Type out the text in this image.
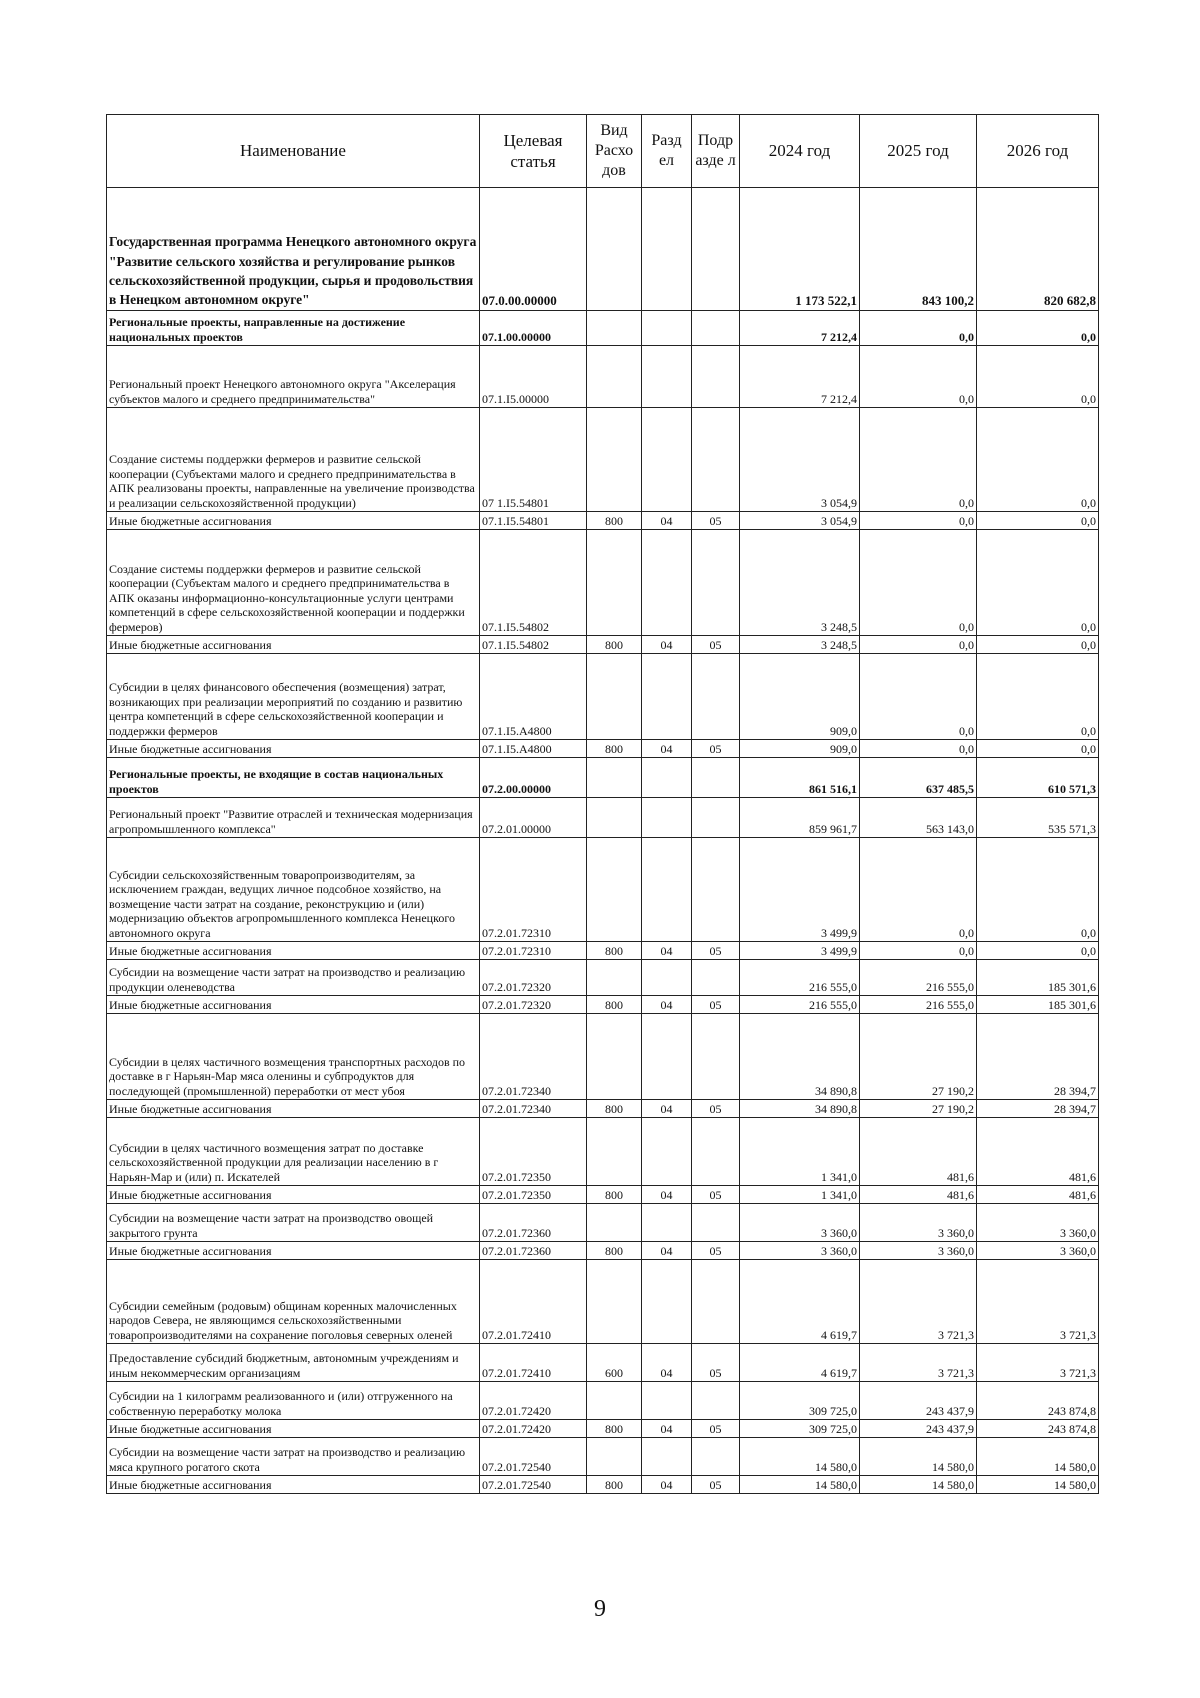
Наименование	Целевая статья	Вид Расхо дов	Разд ел	Подр азде л	2024 год	2025 год	2026 год
Государственная программа Ненецкого автономного округа "Развитие сельского хозяйства и регулирование рынков сельскохозяйственной продукции, сырья и продовольствия в Ненецком автономном округе"	07.0.00.00000				1 173 522,1	843 100,2	820 682,8
Региональные проекты, направленные на достижение национальных проектов	07.1.00.00000				7 212,4	0,0	0,0
Региональный проект Ненецкого автономного округа "Акселерация субъектов малого и среднего предпринимательства"	07.1.I5.00000				7 212,4	0,0	0,0
Создание системы поддержки фермеров и развитие сельской кооперации (Субъектами малого и среднего предпринимательства в АПК реализованы проекты, направленные на увеличение производства и реализации сельскохозяйственной продукции)	07 1.I5.54801				3 054,9	0,0	0,0
Иные бюджетные ассигнования	07.1.I5.54801	800	04	05	3 054,9	0,0	0,0
Создание системы поддержки фермеров и развитие сельской кооперации (Субъектам малого и среднего предпринимательства в АПК оказаны информационно-консультационные услуги центрами компетенций в сфере сельскохозяйственной кооперации и поддержки фермеров)	07.1.I5.54802				3 248,5	0,0	0,0
Иные бюджетные ассигнования	07.1.I5.54802	800	04	05	3 248,5	0,0	0,0
Субсидии в целях финансового обеспечения (возмещения) затрат, возникающих при реализации мероприятий по созданию и развитию центра компетенций в сфере сельскохозяйственной кооперации и поддержки фермеров	07.1.I5.A4800				909,0	0,0	0,0
Иные бюджетные ассигнования	07.1.I5.A4800	800	04	05	909,0	0,0	0,0
Региональные проекты, не входящие в состав национальных проектов	07.2.00.00000				861 516,1	637 485,5	610 571,3
Региональный проект "Развитие отраслей и техническая модернизация агропромышленного комплекса"	07.2.01.00000				859 961,7	563 143,0	535 571,3
Субсидии сельскохозяйственным товаропроизводителям, за исключением граждан, ведущих личное подсобное хозяйство, на возмещение части затрат на создание, реконструкцию и (или) модернизацию объектов агропромышленного комплекса Ненецкого автономного округа	07.2.01.72310				3 499,9	0,0	0,0
Иные бюджетные ассигнования	07.2.01.72310	800	04	05	3 499,9	0,0	0,0
Субсидии на возмещение части затрат на производство и реализацию продукции оленеводства	07.2.01.72320				216 555,0	216 555,0	185 301,6
Иные бюджетные ассигнования	07.2.01.72320	800	04	05	216 555,0	216 555,0	185 301,6
Субсидии в целях частичного возмещения транспортных расходов по доставке в г Нарьян-Мар мяса оленины и субпродуктов для последующей (промышленной) переработки от мест убоя	07.2.01.72340				34 890,8	27 190,2	28 394,7
Иные бюджетные ассигнования	07.2.01.72340	800	04	05	34 890,8	27 190,2	28 394,7
Субсидии в целях частичного возмещения затрат по доставке сельскохозяйственной продукции для реализации населению в г Нарьян-Мар и (или) п. Искателей	07.2.01.72350				1 341,0	481,6	481,6
Иные бюджетные ассигнования	07.2.01.72350	800	04	05	1 341,0	481,6	481,6
Субсидии на возмещение части затрат на производство овощей закрытого грунта	07.2.01.72360				3 360,0	3 360,0	3 360,0
Иные бюджетные ассигнования	07.2.01.72360	800	04	05	3 360,0	3 360,0	3 360,0
Субсидии семейным (родовым) общинам коренных малочисленных народов Севера, не являющимся сельскохозяйственными товаропроизводителями на сохранение поголовья северных оленей	07.2.01.72410				4 619,7	3 721,3	3 721,3
Предоставление субсидий бюджетным, автономным учреждениям и иным некоммерческим организациям	07.2.01.72410	600	04	05	4 619,7	3 721,3	3 721,3
Субсидии на 1 килограмм реализованного и (или) отгруженного на собственную переработку молока	07.2.01.72420				309 725,0	243 437,9	243 874,8
Иные бюджетные ассигнования	07.2.01.72420	800	04	05	309 725,0	243 437,9	243 874,8
Субсидии на возмещение части затрат на производство и реализацию мяса крупного рогатого скота	07.2.01.72540				14 580,0	14 580,0	14 580,0
Иные бюджетные ассигнования	07.2.01.72540	800	04	05	14 580,0	14 580,0	14 580,0
9
